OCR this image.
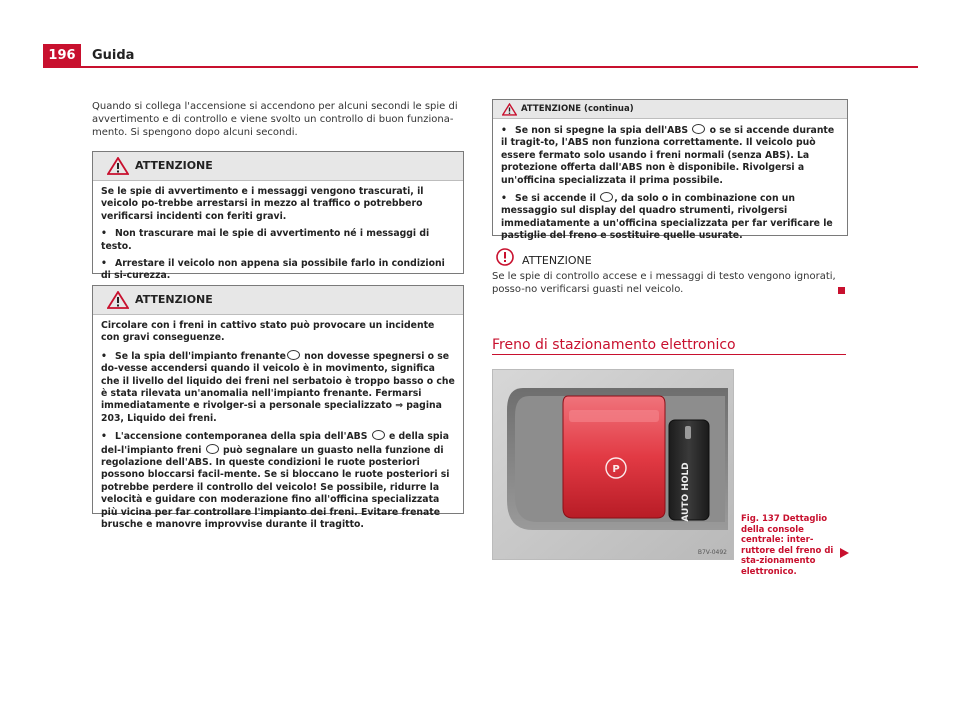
196	Guida
Quando si collega l'accensione si accendono per alcuni secondi le spie di avvertimento e di controllo e viene svolto un controllo di buon funziona-mento. Si spengono dopo alcuni secondi.
ATTENZIONE

Se le spie di avvertimento e i messaggi vengono trascurati, il veicolo po-trebbe arrestarsi in mezzo al traffico o potrebbero verificarsi incidenti con feriti gravi.

• Non trascurare mai le spie di avvertimento né i messaggi di testo.

• Arrestare il veicolo non appena sia possibile farlo in condizioni di si-curezza.

ATTENZIONE

Circolare con i freni in cattivo stato può provocare un incidente con gravi conseguenze.

• Se la spia dell'impianto frenante non dovesse spegnersi o se do-vesse accendersi quando il veicolo è in movimento, significa che il livello del liquido dei freni nel serbatoio è troppo basso o che è stata rilevata un'anomalia nell'impianto frenante. Fermarsi immediatamente e rivolger-si a personale specializzato ⇒ pagina 203, Liquido dei freni.

• L'accensione contemporanea della spia dell'ABS e della spia del-l'impianto freni può segnalare un guasto nella funzione di regolazione dell'ABS. In queste condizioni le ruote posteriori possono bloccarsi facil-mente. Se si bloccano le ruote posteriori si potrebbe perdere il controllo del veicolo! Se possibile, ridurre la velocità e guidare con moderazione fino all'officina specializzata più vicina per far controllare l'impianto dei freni. Evitare frenate brusche e manovre improvvise durante il tragitto.

ATTENZIONE (continua)

• Se non si spegne la spia dell'ABS o se si accende durante il tragit-to, l'ABS non funziona correttamente. Il veicolo può essere fermato solo usando i freni normali (senza ABS). La protezione offerta dall'ABS non è disponibile. Rivolgersi a un'officina specializzata il prima possibile.

• Se si accende il , da solo o in combinazione con un messaggio sul display del quadro strumenti, rivolgersi immediatamente a un'officina specializzata per far verificare le pastiglie del freno e sostituire quelle usurate.

ATTENZIONE
Se le spie di controllo accese e i messaggi di testo vengono ignorati, posso-no verificarsi guasti nel veicolo.
Freno di stazionamento elettronico
P	AUTO HOLD
B7V-0492
Fig. 137 Dettaglio della console centrale: inter-ruttore del freno di sta-zionamento elettronico.
